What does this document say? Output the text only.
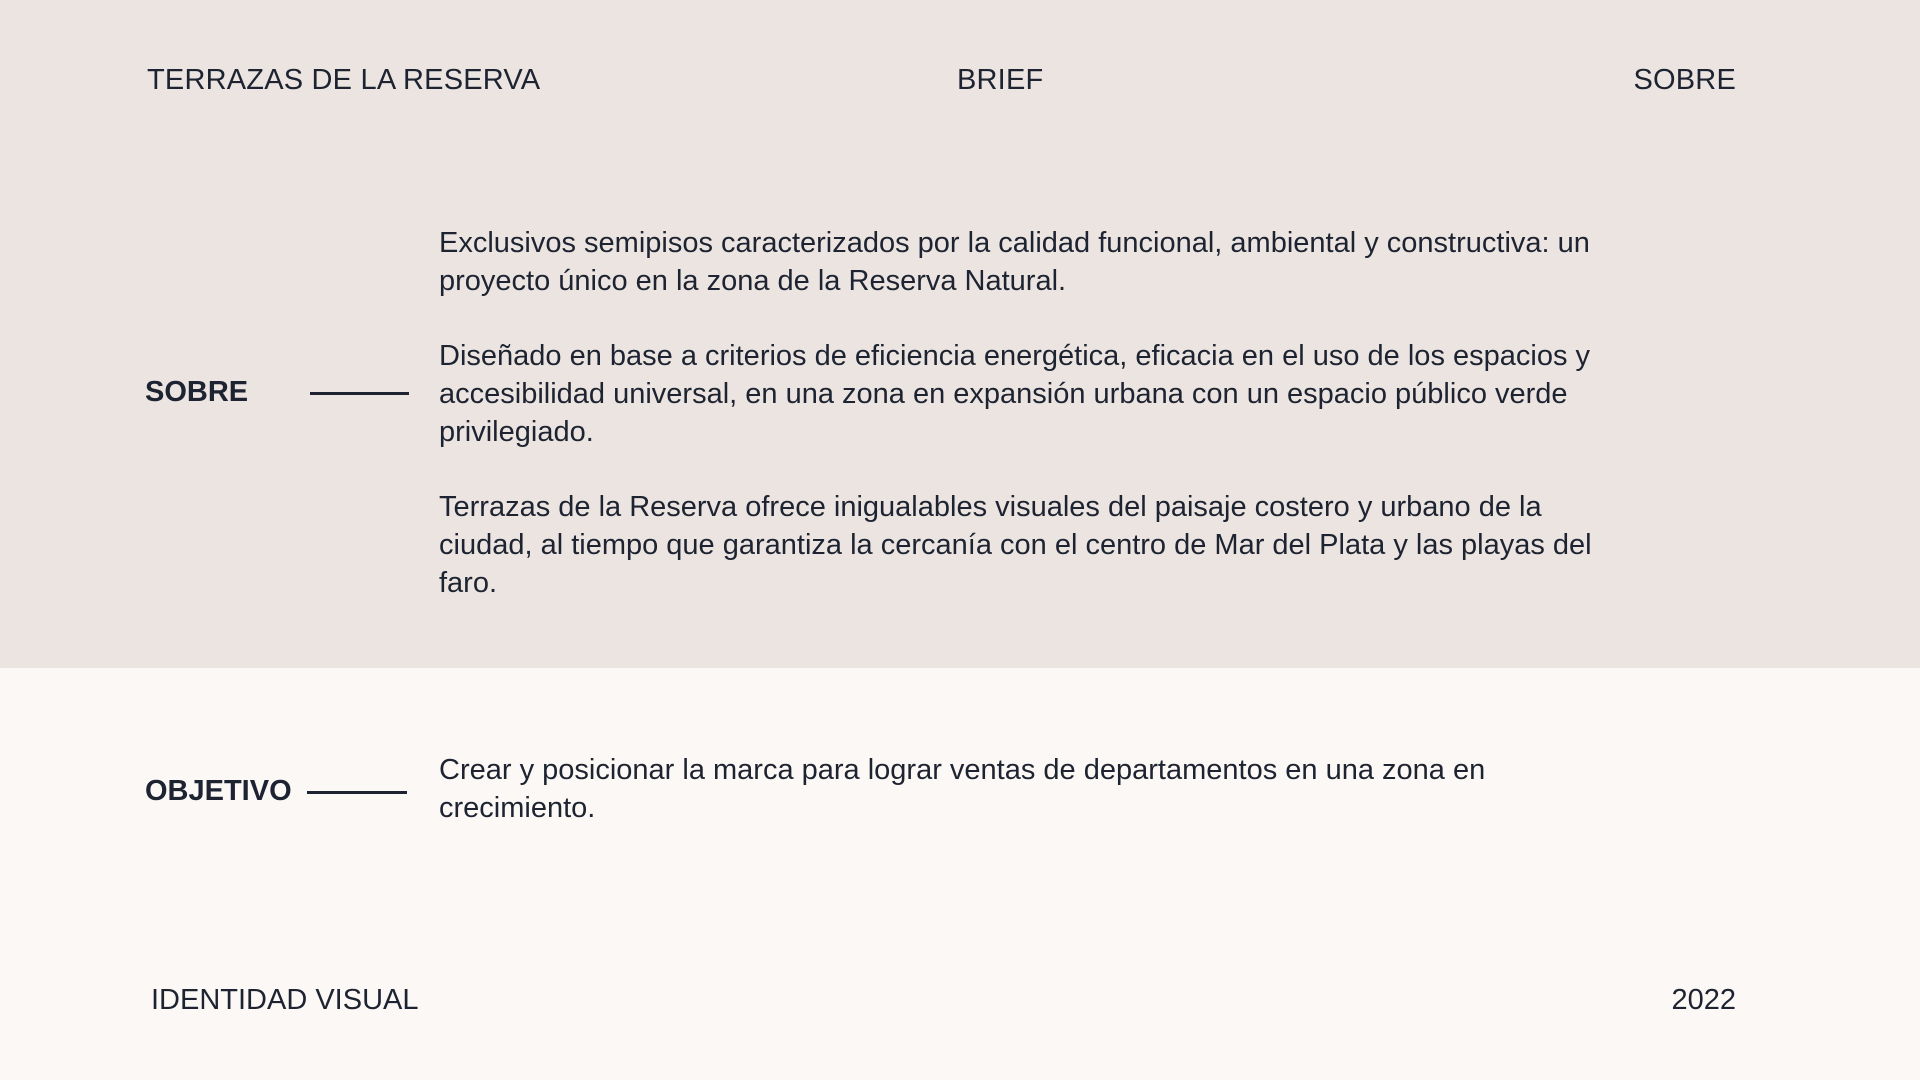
TERRAZAS DE LA RESERVA	BRIEF	SOBRE
SOBRE

Exclusivos semipisos caracterizados por la calidad funcional, ambiental y constructiva: un proyecto único en la zona de la Reserva Natural.

Diseñado en base a criterios de eficiencia energética, eficacia en el uso de los espacios y accesibilidad universal, en una zona en expansión urbana con un espacio público verde privilegiado.

Terrazas de la Reserva ofrece inigualables visuales del paisaje costero y urbano de la ciudad, al tiempo que garantiza la cercanía con el centro de Mar del Plata y las playas del faro.

OBJETIVO

Crear y posicionar la marca para lograr ventas de departamentos en una zona en crecimiento.

IDENTIDAD VISUAL	2022
